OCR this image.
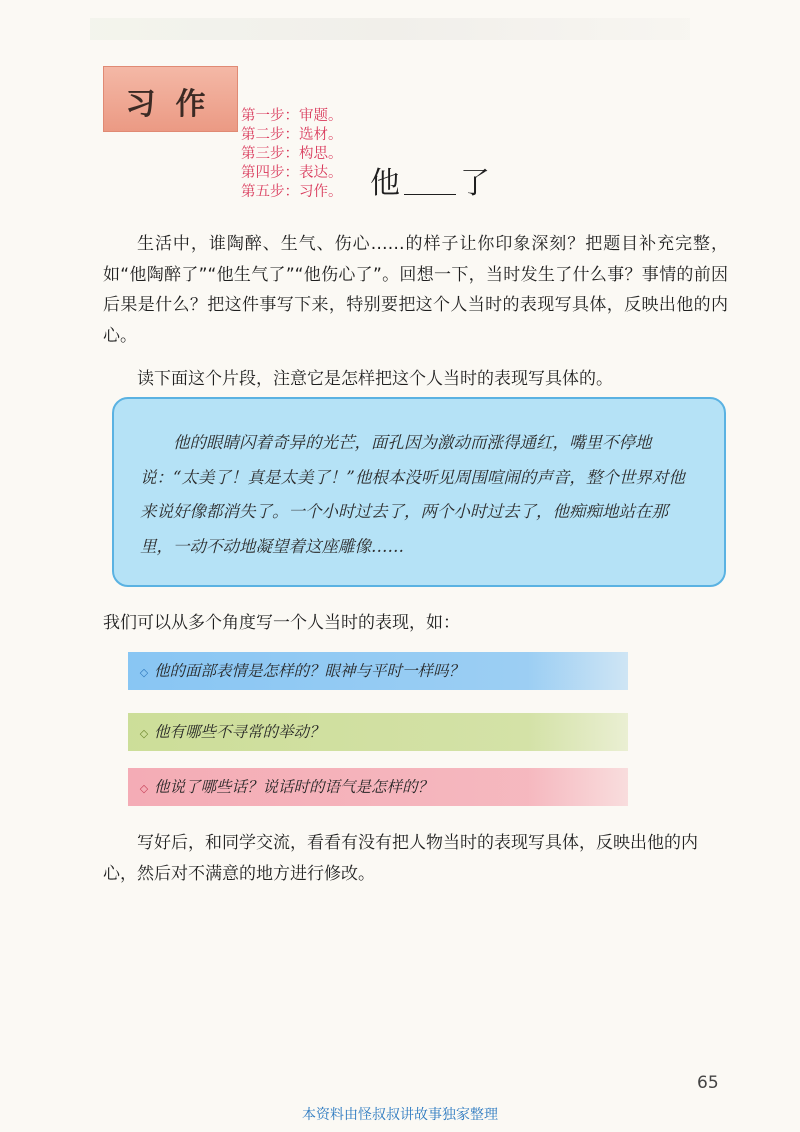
习作	第一步：审题。
第二步：选材。
第三步：构思。
第四步：表达。
第五步：习作。 他 了
生活中，谁陶醉、生气、伤心……的样子让你印象深刻？把题目补充完整，如“他陶醉了”“他生气了”“他伤心了”。回想一下，当时发生了什么事？事情的前因后果是什么？把这件事写下来，特别要把这个人当时的表现写具体，反映出他的内心。
读下面这个片段，注意它是怎样把这个人当时的表现写具体的。
他的眼睛闪着奇异的光芒，面孔因为激动而涨得通红，嘴里不停地说：“太美了！真是太美了！”他根本没听见周围喧闹的声音，整个世界对他来说好像都消失了。一个小时过去了，两个小时过去了，他痴痴地站在那里，一动不动地凝望着这座雕像……
我们可以从多个角度写一个人当时的表现，如：
◇ 他的面部表情是怎样的？眼神与平时一样吗？
◇ 他有哪些不寻常的举动？
◇ 他说了哪些话？说话时的语气是怎样的？
写好后，和同学交流，看看有没有把人物当时的表现写具体，反映出他的内心，然后对不满意的地方进行修改。
65
本资料由怪叔叔讲故事独家整理
